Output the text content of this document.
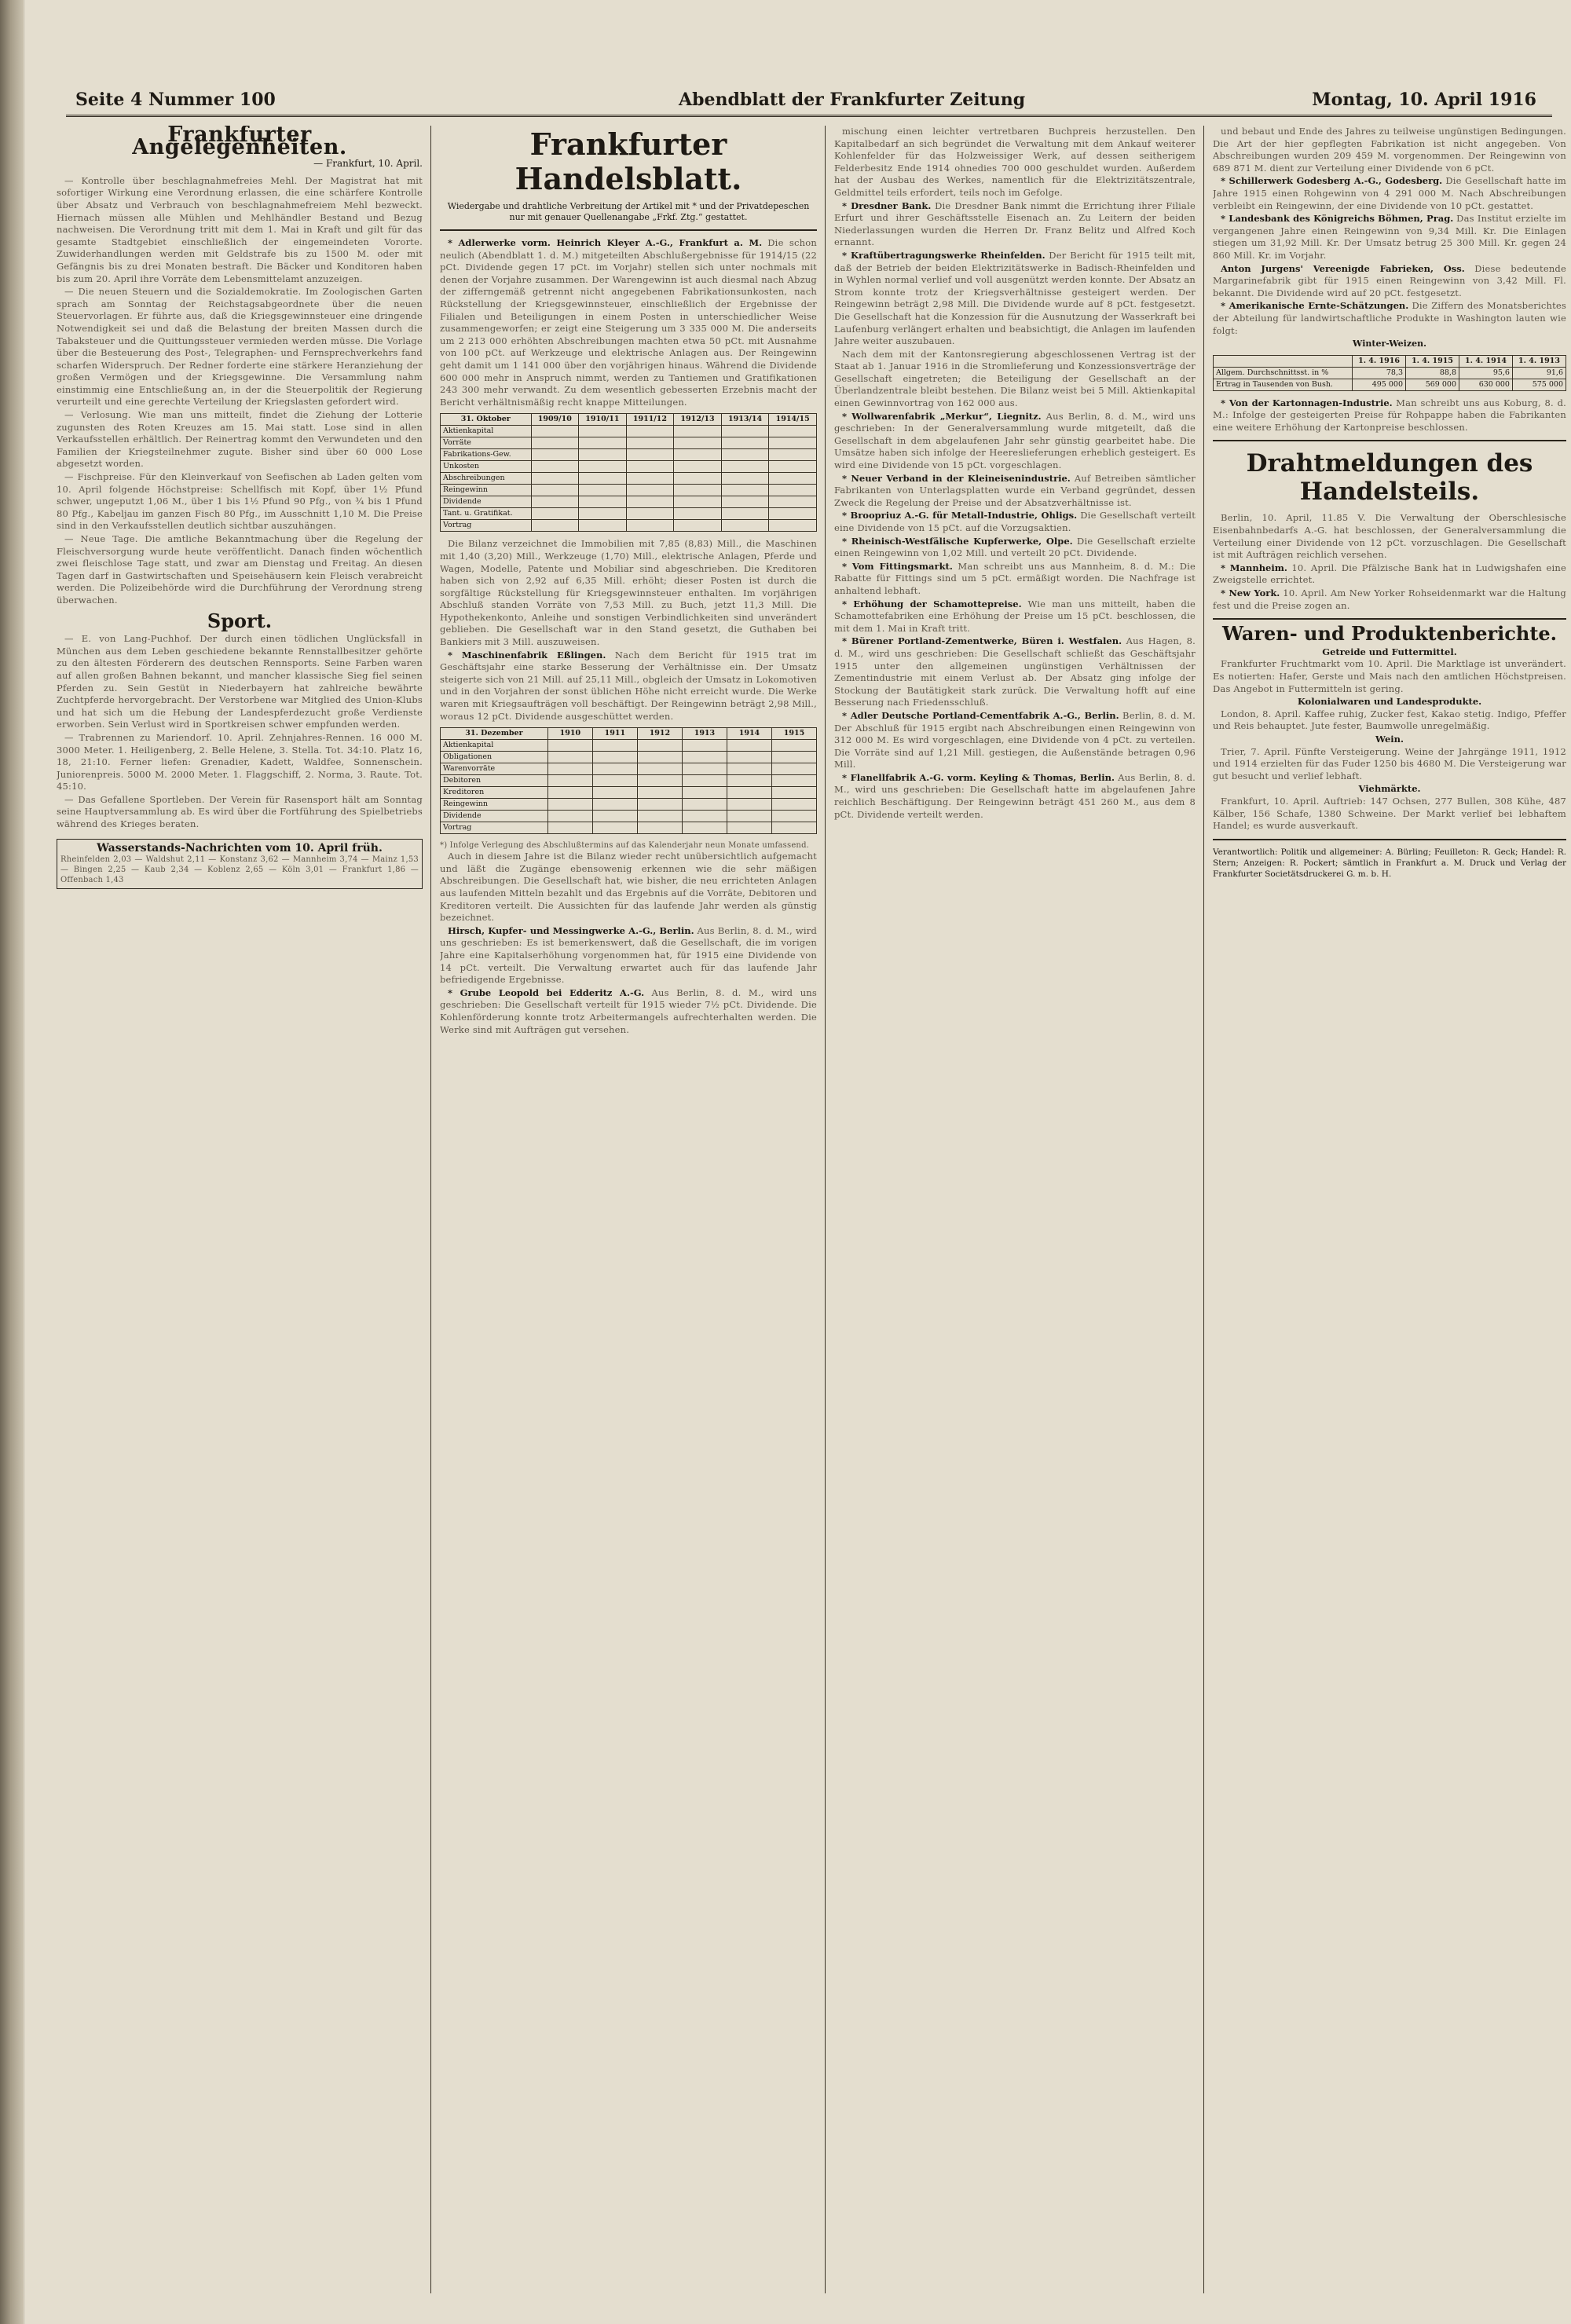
Seite 4 Nummer 100	Abendblatt der Frankfurter Zeitung	Montag, 10. April 1916
Frankfurter Angelegenheiten.
— Frankfurt, 10. April.

— Kontrolle über beschlagnahmefreies Mehl. Der Magistrat hat mit sofortiger Wirkung eine Verordnung erlassen, die eine schärfere Kontrolle über Absatz und Verbrauch von beschlagnahmefreiem Mehl bezweckt. Hiernach müssen alle Mühlen und Mehlhändler Bestand und Bezug nachweisen. Die Verordnung tritt mit dem 1. Mai in Kraft und gilt für das gesamte Stadtgebiet einschließlich der eingemeindeten Vororte. Zuwiderhandlungen werden mit Geldstrafe bis zu 1500 M. oder mit Gefängnis bis zu drei Monaten bestraft. Die Bäcker und Konditoren haben bis zum 20. April ihre Vorräte dem Lebensmittelamt anzuzeigen.

— Die neuen Steuern und die Sozialdemokratie. Im Zoologischen Garten sprach am Sonntag der Reichstagsabgeordnete über die neuen Steuervorlagen. Er führte aus, daß die Kriegsgewinnsteuer eine dringende Notwendigkeit sei und daß die Belastung der breiten Massen durch die Tabaksteuer und die Quittungssteuer vermieden werden müsse. Die Vorlage über die Besteuerung des Post-, Telegraphen- und Fernsprechverkehrs fand scharfen Widerspruch. Der Redner forderte eine stärkere Heranziehung der großen Vermögen und der Kriegsgewinne. Die Versammlung nahm einstimmig eine Entschließung an, in der die Steuerpolitik der Regierung verurteilt und eine gerechte Verteilung der Kriegslasten gefordert wird.

— Verlosung. Wie man uns mitteilt, findet die Ziehung der Lotterie zugunsten des Roten Kreuzes am 15. Mai statt. Lose sind in allen Verkaufsstellen erhältlich. Der Reinertrag kommt den Verwundeten und den Familien der Kriegsteilnehmer zugute. Bisher sind über 60 000 Lose abgesetzt worden.

— Fischpreise. Für den Kleinverkauf von Seefischen ab Laden gelten vom 10. April folgende Höchstpreise: Schellfisch mit Kopf, über 1½ Pfund schwer, ungeputzt 1,06 M., über 1 bis 1½ Pfund 90 Pfg., von ¾ bis 1 Pfund 80 Pfg., Kabeljau im ganzen Fisch 80 Pfg., im Ausschnitt 1,10 M. Die Preise sind in den Verkaufsstellen deutlich sichtbar auszuhängen.

— Neue Tage. Die amtliche Bekanntmachung über die Regelung der Fleischversorgung wurde heute veröffentlicht. Danach finden wöchentlich zwei fleischlose Tage statt, und zwar am Dienstag und Freitag. An diesen Tagen darf in Gastwirtschaften und Speisehäusern kein Fleisch verabreicht werden. Die Polizeibehörde wird die Durchführung der Verordnung streng überwachen.

Sport.

— E. von Lang-Puchhof. Der durch einen tödlichen Unglücksfall in München aus dem Leben geschiedene bekannte Rennstallbesitzer gehörte zu den ältesten Förderern des deutschen Rennsports. Seine Farben waren auf allen großen Bahnen bekannt, und mancher klassische Sieg fiel seinen Pferden zu. Sein Gestüt in Niederbayern hat zahlreiche bewährte Zuchtpferde hervorgebracht. Der Verstorbene war Mitglied des Union-Klubs und hat sich um die Hebung der Landespferdezucht große Verdienste erworben. Sein Verlust wird in Sportkreisen schwer empfunden werden.

— Trabrennen zu Mariendorf. 10. April. Zehnjahres-Rennen. 16 000 M. 3000 Meter. 1. Heiligenberg, 2. Belle Helene, 3. Stella. Tot. 34:10. Platz 16, 18, 21:10. Ferner liefen: Grenadier, Kadett, Waldfee, Sonnenschein. Juniorenpreis. 5000 M. 2000 Meter. 1. Flaggschiff, 2. Norma, 3. Raute. Tot. 45:10.

— Das Gefallene Sportleben. Der Verein für Rasensport hält am Sonntag seine Hauptversammlung ab. Es wird über die Fortführung des Spielbetriebs während des Krieges beraten.

Wasserstands-Nachrichten vom 10. April früh.
Rheinfelden 2,03 — Waldshut 2,11 — Konstanz 3,62 — Mannheim 3,74 — Mainz 1,53 — Bingen 2,25 — Kaub 2,34 — Koblenz 2,65 — Köln 3,01 — Frankfurt 1,86 — Offenbach 1,43
Frankfurter Handelsblatt.
Wiedergabe und drahtliche Verbreitung der Artikel mit * und der Privatdepeschen nur mit genauer Quellenangabe „Frkf. Ztg.“ gestattet.

* Adlerwerke vorm. Heinrich Kleyer A.-G., Frankfurt a. M. Die schon neulich (Abendblatt 1. d. M.) mitgeteilten Abschlußergebnisse für 1914/15 (22 pCt. Dividende gegen 17 pCt. im Vorjahr) stellen sich unter nochmals mit denen der Vorjahre zusammen. Der Warengewinn ist auch diesmal nach Abzug der zifferngemäß getrennt nicht angegebenen Fabrikationsunkosten, nach Rückstellung der Kriegsgewinnsteuer, einschließlich der Ergebnisse der Filialen und Beteiligungen in einem Posten in unterschiedlicher Weise zusammengeworfen; er zeigt eine Steigerung um 3 335 000 M. Die anderseits um 2 213 000 erhöhten Abschreibungen machten etwa 50 pCt. mit Ausnahme von 100 pCt. auf Werkzeuge und elektrische Anlagen aus. Der Reingewinn geht damit um 1 141 000 über den vorjährigen hinaus. Während die Dividende 600 000 mehr in Anspruch nimmt, werden zu Tantiemen und Gratifikationen 243 300 mehr verwandt. Zu dem wesentlich gebesserten Erzebnis macht der Bericht verhältnismäßig recht knappe Mitteilungen.

31. Oktober	1909/10	1910/11	1911/12	1912/13	1913/14	1914/15
Aktienkapital						
Vorräte						
Fabrikations-Gew.						
Unkosten						
Abschreibungen						
Reingewinn						
Dividende						
Tant. u. Gratifikat.						
Vortrag						

Die Bilanz verzeichnet die Immobilien mit 7,85 (8,83) Mill., die Maschinen mit 1,40 (3,20) Mill., Werkzeuge (1,70) Mill., elektrische Anlagen, Pferde und Wagen, Modelle, Patente und Mobiliar sind abgeschrieben. Die Kreditoren haben sich von 2,92 auf 6,35 Mill. erhöht; dieser Posten ist durch die sorgfältige Rückstellung für Kriegsgewinnsteuer enthalten. Im vorjährigen Abschluß standen Vorräte von 7,53 Mill. zu Buch, jetzt 11,3 Mill. Die Hypothekenkonto, Anleihe und sonstigen Verbindlichkeiten sind unverändert geblieben. Die Gesellschaft war in den Stand gesetzt, die Guthaben bei Bankiers mit 3 Mill. auszuweisen.

* Maschinenfabrik Eßlingen. Nach dem Bericht für 1915 trat im Geschäftsjahr eine starke Besserung der Verhältnisse ein. Der Umsatz steigerte sich von 21 Mill. auf 25,11 Mill., obgleich der Umsatz in Lokomotiven und in den Vorjahren der sonst üblichen Höhe nicht erreicht wurde. Die Werke waren mit Kriegsaufträgen voll beschäftigt. Der Reingewinn beträgt 2,98 Mill., woraus 12 pCt. Dividende ausgeschüttet werden.

31. Dezember	1910	1911	1912	1913	1914	1915
Aktienkapital						
Obligationen						
Warenvorräte						
Debitoren						
Kreditoren						
Reingewinn						
Dividende						
Vortrag						
*) Infolge Verlegung des Abschlußtermins auf das Kalenderjahr neun Monate umfassend.

Auch in diesem Jahre ist die Bilanz wieder recht unübersichtlich aufgemacht und läßt die Zugänge ebensowenig erkennen wie die sehr mäßigen Abschreibungen. Die Gesellschaft hat, wie bisher, die neu errichteten Anlagen aus laufenden Mitteln bezahlt und das Ergebnis auf die Vorräte, Debitoren und Kreditoren verteilt. Die Aussichten für das laufende Jahr werden als günstig bezeichnet.

Hirsch, Kupfer- und Messingwerke A.-G., Berlin. Aus Berlin, 8. d. M., wird uns geschrieben: Es ist bemerkenswert, daß die Gesellschaft, die im vorigen Jahre eine Kapitalserhöhung vorgenommen hat, für 1915 eine Dividende von 14 pCt. verteilt. Die Verwaltung erwartet auch für das laufende Jahr befriedigende Ergebnisse.

* Grube Leopold bei Edderitz A.-G. Aus Berlin, 8. d. M., wird uns geschrieben: Die Gesellschaft verteilt für 1915 wieder 7½ pCt. Dividende. Die Kohlenförderung konnte trotz Arbeitermangels aufrechterhalten werden. Die Werke sind mit Aufträgen gut versehen.

mischung einen leichter vertretbaren Buchpreis herzustellen. Den Kapitalbedarf an sich begründet die Verwaltung mit dem Ankauf weiterer Kohlenfelder für das Holzweissiger Werk, auf dessen seitherigem Felderbesitz Ende 1914 ohnedies 700 000 geschuldet wurden. Außerdem hat der Ausbau des Werkes, namentlich für die Elektrizitätszentrale, Geldmittel teils erfordert, teils noch im Gefolge.

* Dresdner Bank. Die Dresdner Bank nimmt die Errichtung ihrer Filiale Erfurt und ihrer Geschäftsstelle Eisenach an. Zu Leitern der beiden Niederlassungen wurden die Herren Dr. Franz Belitz und Alfred Koch ernannt.

* Kraftübertragungswerke Rheinfelden. Der Bericht für 1915 teilt mit, daß der Betrieb der beiden Elektrizitätswerke in Badisch-Rheinfelden und in Wyhlen normal verlief und voll ausgenützt werden konnte. Der Absatz an Strom konnte trotz der Kriegsverhältnisse gesteigert werden. Der Reingewinn beträgt 2,98 Mill. Die Dividende wurde auf 8 pCt. festgesetzt. Die Gesellschaft hat die Konzession für die Ausnutzung der Wasserkraft bei Laufenburg verlängert erhalten und beabsichtigt, die Anlagen im laufenden Jahre weiter auszubauen.

Nach dem mit der Kantonsregierung abgeschlossenen Vertrag ist der Staat ab 1. Januar 1916 in die Stromlieferung und Konzessionsverträge der Gesellschaft eingetreten; die Beteiligung der Gesellschaft an der Überlandzentrale bleibt bestehen. Die Bilanz weist bei 5 Mill. Aktienkapital einen Gewinnvortrag von 162 000 aus.

* Wollwarenfabrik „Merkur“, Liegnitz. Aus Berlin, 8. d. M., wird uns geschrieben: In der Generalversammlung wurde mitgeteilt, daß die Gesellschaft in dem abgelaufenen Jahr sehr günstig gearbeitet habe. Die Umsätze haben sich infolge der Heereslieferungen erheblich gesteigert. Es wird eine Dividende von 15 pCt. vorgeschlagen.

* Neuer Verband in der Kleineisenindustrie. Auf Betreiben sämtlicher Fabrikanten von Unterlagsplatten wurde ein Verband gegründet, dessen Zweck die Regelung der Preise und der Absatzverhältnisse ist.

* Broopriuz A.-G. für Metall-Industrie, Ohligs. Die Gesellschaft verteilt eine Dividende von 15 pCt. auf die Vorzugsaktien.

* Rheinisch-Westfälische Kupferwerke, Olpe. Die Gesellschaft erzielte einen Reingewinn von 1,02 Mill. und verteilt 20 pCt. Dividende.

* Vom Fittingsmarkt. Man schreibt uns aus Mannheim, 8. d. M.: Die Rabatte für Fittings sind um 5 pCt. ermäßigt worden. Die Nachfrage ist anhaltend lebhaft.

* Erhöhung der Schamottepreise. Wie man uns mitteilt, haben die Schamottefabriken eine Erhöhung der Preise um 15 pCt. beschlossen, die mit dem 1. Mai in Kraft tritt.

* Bürener Portland-Zementwerke, Büren i. Westfalen. Aus Hagen, 8. d. M., wird uns geschrieben: Die Gesellschaft schließt das Geschäftsjahr 1915 unter den allgemeinen ungünstigen Verhältnissen der Zementindustrie mit einem Verlust ab. Der Absatz ging infolge der Stockung der Bautätigkeit stark zurück. Die Verwaltung hofft auf eine Besserung nach Friedensschluß.

* Adler Deutsche Portland-Cementfabrik A.-G., Berlin. Berlin, 8. d. M. Der Abschluß für 1915 ergibt nach Abschreibungen einen Reingewinn von 312 000 M. Es wird vorgeschlagen, eine Dividende von 4 pCt. zu verteilen. Die Vorräte sind auf 1,21 Mill. gestiegen, die Außenstände betragen 0,96 Mill.

* Flanellfabrik A.-G. vorm. Keyling & Thomas, Berlin. Aus Berlin, 8. d. M., wird uns geschrieben: Die Gesellschaft hatte im abgelaufenen Jahre reichlich Beschäftigung. Der Reingewinn beträgt 451 260 M., aus dem 8 pCt. Dividende verteilt werden.

und bebaut und Ende des Jahres zu teilweise ungünstigen Bedingungen. Die Art der hier gepflegten Fabrikation ist nicht angegeben. Von Abschreibungen wurden 209 459 M. vorgenommen. Der Reingewinn von 689 871 M. dient zur Verteilung einer Dividende von 6 pCt.

* Schillerwerk Godesberg A.-G., Godesberg. Die Gesellschaft hatte im Jahre 1915 einen Rohgewinn von 4 291 000 M. Nach Abschreibungen verbleibt ein Reingewinn, der eine Dividende von 10 pCt. gestattet.

* Landesbank des Königreichs Böhmen, Prag. Das Institut erzielte im vergangenen Jahre einen Reingewinn von 9,34 Mill. Kr. Die Einlagen stiegen um 31,92 Mill. Kr. Der Umsatz betrug 25 300 Mill. Kr. gegen 24 860 Mill. Kr. im Vorjahr.

Anton Jurgens' Vereenigde Fabrieken, Oss. Diese bedeutende Margarinefabrik gibt für 1915 einen Reingewinn von 3,42 Mill. Fl. bekannt. Die Dividende wird auf 20 pCt. festgesetzt.

* Amerikanische Ernte-Schätzungen. Die Ziffern des Monatsberichtes der Abteilung für landwirtschaftliche Produkte in Washington lauten wie folgt:

Winter-Weizen.
	1. 4. 1916	1. 4. 1915	1. 4. 1914	1. 4. 1913
Allgem. Durchschnittsst. in %	78,3	88,8	95,6	91,6
Ertrag in Tausenden von Bush.	495 000	569 000	630 000	575 000

* Von der Kartonnagen-Industrie. Man schreibt uns aus Koburg, 8. d. M.: Infolge der gesteigerten Preise für Rohpappe haben die Fabrikanten eine weitere Erhöhung der Kartonpreise beschlossen.

Drahtmeldungen des Handelsteils.

Berlin, 10. April, 11.85 V. Die Verwaltung der Oberschlesische Eisenbahnbedarfs A.-G. hat beschlossen, der Generalversammlung die Verteilung einer Dividende von 12 pCt. vorzuschlagen. Die Gesellschaft ist mit Aufträgen reichlich versehen.

* Mannheim. 10. April. Die Pfälzische Bank hat in Ludwigshafen eine Zweigstelle errichtet.

* New York. 10. April. Am New Yorker Rohseidenmarkt war die Haltung fest und die Preise zogen an.

Waren- und Produktenberichte.
Getreide und Futtermittel.

Frankfurter Fruchtmarkt vom 10. April. Die Marktlage ist unverändert. Es notierten: Hafer, Gerste und Mais nach den amtlichen Höchstpreisen. Das Angebot in Futtermitteln ist gering.

Kolonialwaren und Landesprodukte.

London, 8. April. Kaffee ruhig, Zucker fest, Kakao stetig. Indigo, Pfeffer und Reis behauptet. Jute fester, Baumwolle unregelmäßig.

Wein.

Trier, 7. April. Fünfte Versteigerung. Weine der Jahrgänge 1911, 1912 und 1914 erzielten für das Fuder 1250 bis 4680 M. Die Versteigerung war gut besucht und verlief lebhaft.

Viehmärkte.

Frankfurt, 10. April. Auftrieb: 147 Ochsen, 277 Bullen, 308 Kühe, 487 Kälber, 156 Schafe, 1380 Schweine. Der Markt verlief bei lebhaftem Handel; es wurde ausverkauft.

Verantwortlich: Politik und allgemeiner: A. Bürling; Feuilleton: R. Geck; Handel: R. Stern; Anzeigen: R. Pockert; sämtlich in Frankfurt a. M. Druck und Verlag der Frankfurter Societätsdruckerei G. m. b. H.
